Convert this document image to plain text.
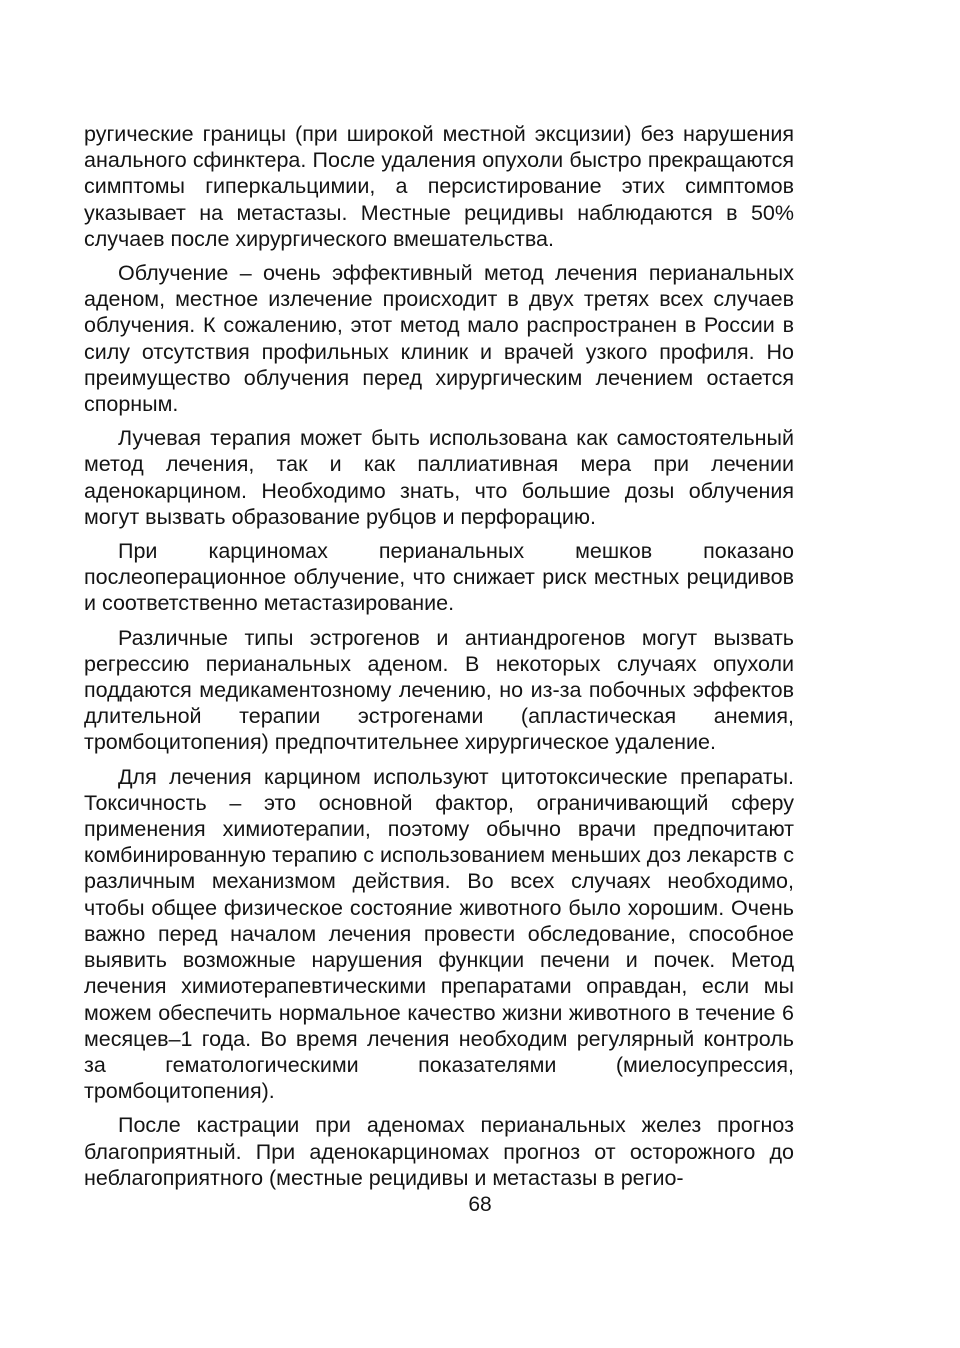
ругические границы (при широкой местной эксцизии) без нарушения анального сфинктера. После удаления опухоли быстро прекращаются симптомы гиперкальцимии, а персистирование этих симптомов указывает на метастазы. Местные рецидивы наблюдаются в 50% случаев после хирургического вмешательства.

Облучение – очень эффективный метод лечения перианальных аденом, местное излечение происходит в двух третях всех случаев облучения. К сожалению, этот метод мало распространен в России в силу отсутствия профильных клиник и врачей узкого профиля. Но преимущество облучения перед хирургическим лечением остается спорным.

Лучевая терапия может быть использована как самостоятельный метод лечения, так и как паллиативная мера при лечении аденокарцином. Необходимо знать, что большие дозы облучения могут вызвать образование рубцов и перфорацию.

При карциномах перианальных мешков показано послеоперационное облучение, что снижает риск местных рецидивов и соответственно метастазирование.

Различные типы эстрогенов и антиандрогенов могут вызвать регрессию перианальных аденом. В некоторых случаях опухоли поддаются медикаментозному лечению, но из-за побочных эффектов длительной терапии эстрогенами (апластическая анемия, тромбоцитопения) предпочтительнее хирургическое удаление.

Для лечения карцином используют цитотоксические препараты. Токсичность – это основной фактор, ограничивающий сферу применения химиотерапии, поэтому обычно врачи предпочитают комбинированную терапию с использованием меньших доз лекарств с различным механизмом действия. Во всех случаях необходимо, чтобы общее физическое состояние животного было хорошим. Очень важно перед началом лечения провести обследование, способное выявить возможные нарушения функции печени и почек. Метод лечения химиотерапевтическими препаратами оправдан, если мы можем обеспечить нормальное качество жизни животного в течение 6 месяцев–1 года. Во время лечения необходим регулярный контроль за гематологическими показателями (миелосупрессия, тромбоцитопения).

После кастрации при аденомах перианальных желез прогноз благоприятный. При аденокарциномах прогноз от осторожного до неблагоприятного (местные рецидивы и метастазы в регио-

68
